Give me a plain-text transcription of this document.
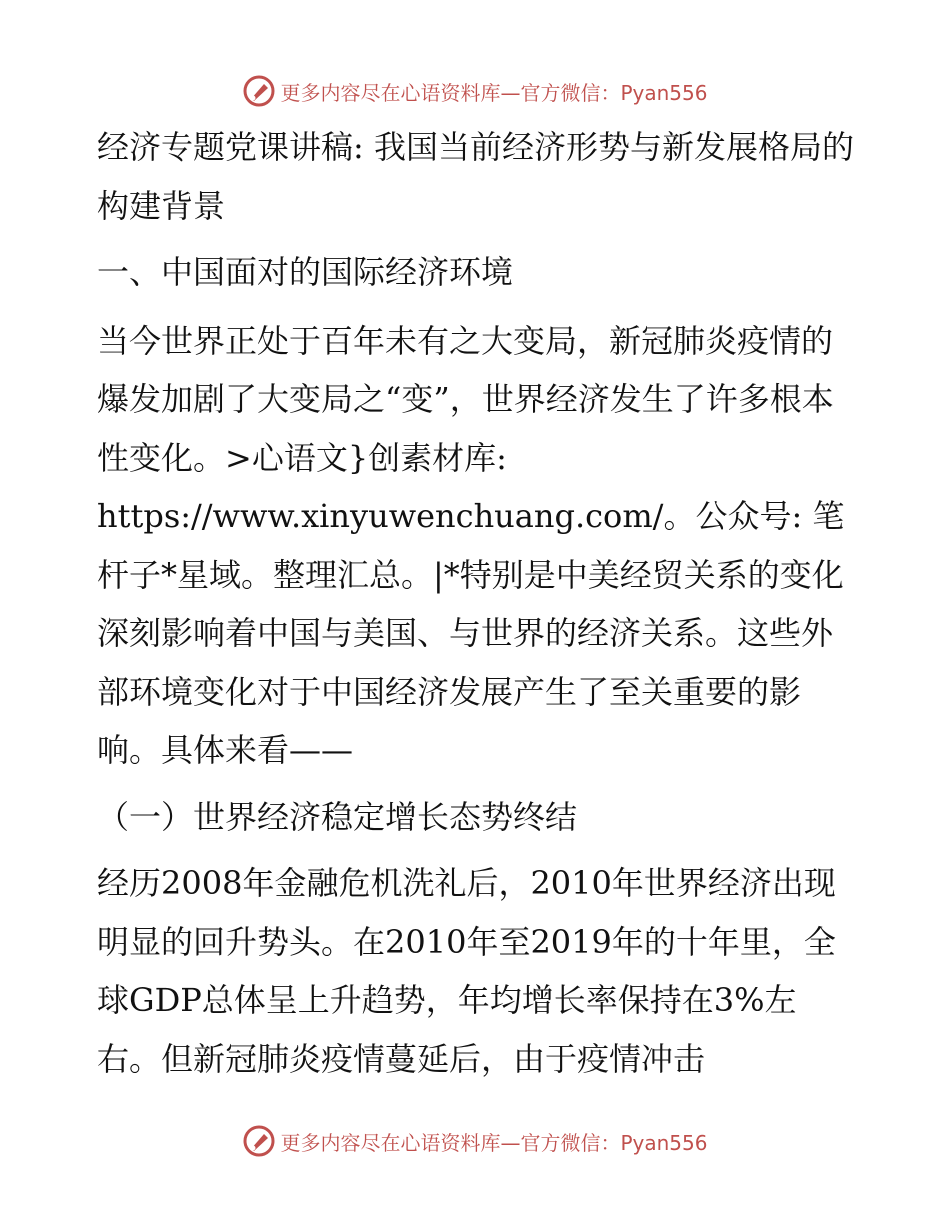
更多内容尽在心语资料库—官方微信：Pyan556

经济专题党课讲稿: 我国当前经济形势与新发展格局的构建背景

一、中国面对的国际经济环境

当今世界正处于百年未有之大变局，新冠肺炎疫情的爆发加剧了大变局之“变”，世界经济发生了许多根本性变化。>心语文}创素材库: https://www.xinyuwenchuang.com/。公众号: 笔杆子*星域。整理汇总。|*特别是中美经贸关系的变化深刻影响着中国与美国、与世界的经济关系。这些外部环境变化对于中国经济发展产生了至关重要的影响。具体来看——

（一）世界经济稳定增长态势终结

经历2008年金融危机洗礼后，2010年世界经济出现明显的回升势头。在2010年至2019年的十年里，全球GDP总体呈上升趋势，年均增长率保持在3%左右。但新冠肺炎疫情蔓延后，由于疫情冲击

更多内容尽在心语资料库—官方微信：Pyan556
